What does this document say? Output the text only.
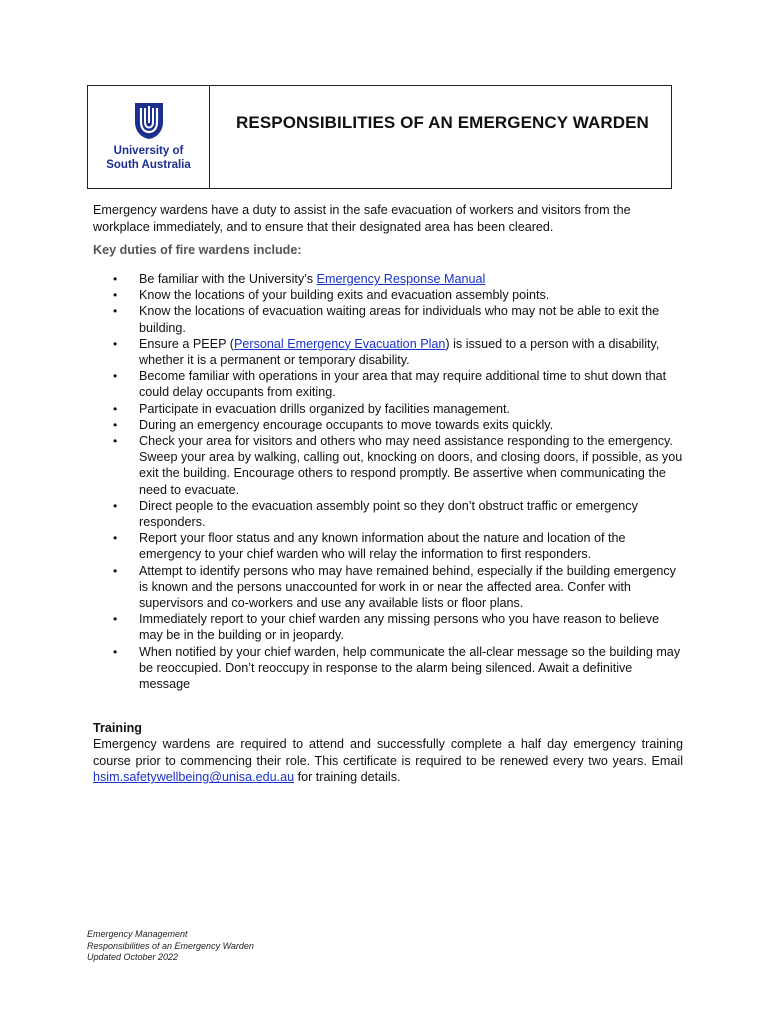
University of
South Australia
RESPONSIBILITIES OF AN EMERGENCY WARDEN

Emergency wardens have a duty to assist in the safe evacuation of workers and visitors from the workplace immediately, and to ensure that their designated area has been cleared.

Key duties of fire wardens include:

• Be familiar with the University’s Emergency Response Manual
• Know the locations of your building exits and evacuation assembly points.
• Know the locations of evacuation waiting areas for individuals who may not be able to exit the building.
• Ensure a PEEP (Personal Emergency Evacuation Plan) is issued to a person with a disability, whether it is a permanent or temporary disability.
• Become familiar with operations in your area that may require additional time to shut down that could delay occupants from exiting.
• Participate in evacuation drills organized by facilities management.
• During an emergency encourage occupants to move towards exits quickly.
• Check your area for visitors and others who may need assistance responding to the emergency. Sweep your area by walking, calling out, knocking on doors, and closing doors, if possible, as you exit the building. Encourage others to respond promptly. Be assertive when communicating the need to evacuate.
• Direct people to the evacuation assembly point so they don’t obstruct traffic or emergency responders.
• Report your floor status and any known information about the nature and location of the emergency to your chief warden who will relay the information to first responders.
• Attempt to identify persons who may have remained behind, especially if the building emergency is known and the persons unaccounted for work in or near the affected area. Confer with supervisors and co-workers and use any available lists or floor plans.
• Immediately report to your chief warden any missing persons who you have reason to believe may be in the building or in jeopardy.
• When notified by your chief warden, help communicate the all-clear message so the building may be reoccupied. Don’t reoccupy in response to the alarm being silenced. Await a definitive message
Training
Emergency wardens are required to attend and successfully complete a half day emergency training course prior to commencing their role. This certificate is required to be renewed every two years. Email hsim.safetywellbeing@unisa.edu.au for training details.
Emergency Management
Responsibilities of an Emergency Warden
Updated October 2022
